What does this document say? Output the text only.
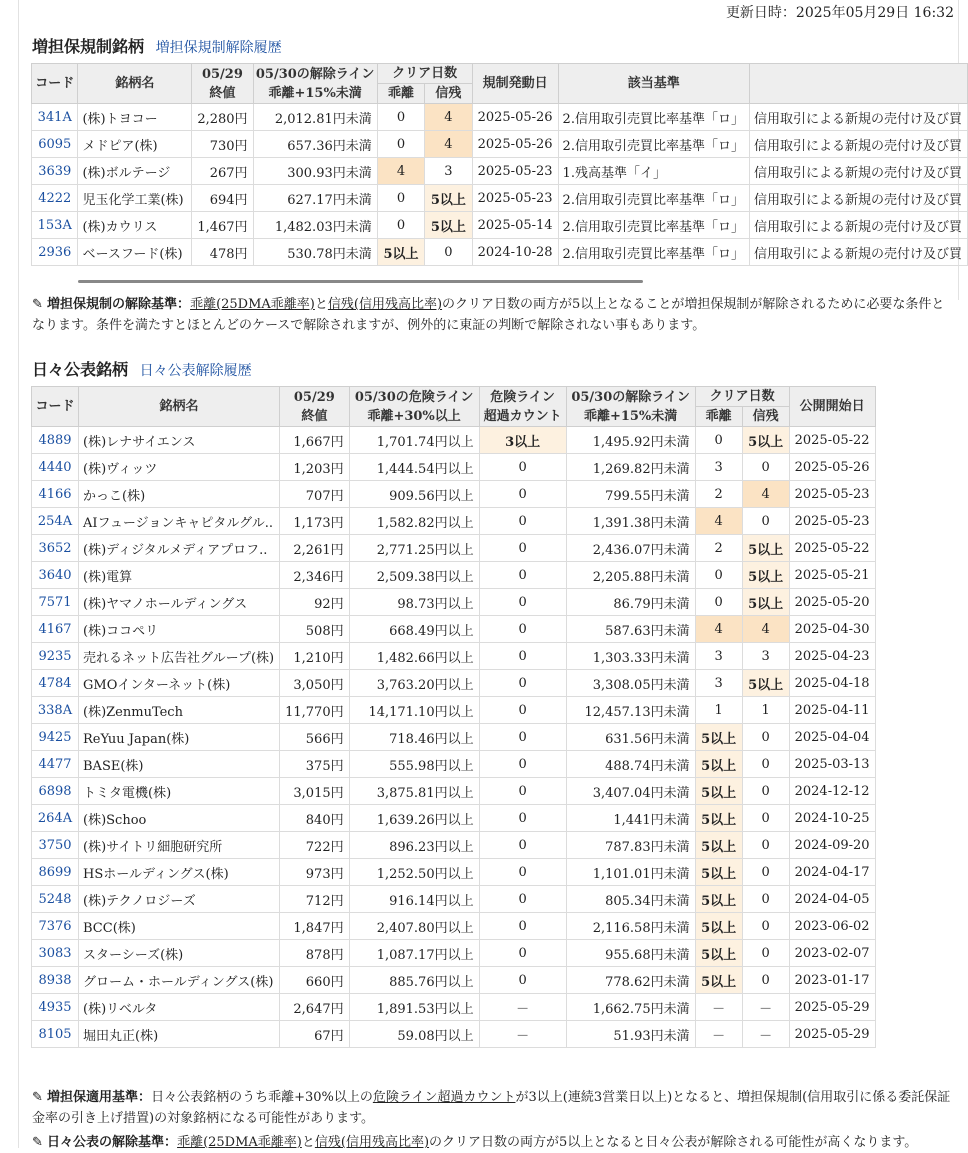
更新日時：2025年05月29日 16:32
増担保規制銘柄 増担保規制解除履歴
コード	銘柄名	05/29
終値	05/30の解除ライン
乖離+15%未満	クリア日数		規制発動日	該当基準	
				乖離	信残			
341A	(株)トヨコー	2,280円	2,012.81円未満	0	4	2025-05-26	2.信用取引売買比率基準「ロ」	信用取引による新規の売付け及び買
6095	メドピア(株)	730円	657.36円未満	0	4	2025-05-26	2.信用取引売買比率基準「ロ」	信用取引による新規の売付け及び買
3639	(株)ボルテージ	267円	300.93円未満	4	3	2025-05-23	1.残高基準「イ」	信用取引による新規の売付け及び買
4222	児玉化学工業(株)	694円	627.17円未満	0	5以上	2025-05-23	2.信用取引売買比率基準「ロ」	信用取引による新規の売付け及び買
153A	(株)カウリス	1,467円	1,482.03円未満	0	5以上	2025-05-14	2.信用取引売買比率基準「ロ」	信用取引による新規の売付け及び買
2936	ベースフード(株)	478円	530.78円未満	5以上	0	2024-10-28	2.信用取引売買比率基準「ロ」	信用取引による新規の売付け及び買
✎ 増担保規制の解除基準：乖離(25DMA乖離率)と信残(信用残高比率)のクリア日数の両方が5以上となることが増担保規制が解除されるために必要な条件となります。条件を満たすとほとんどのケースで解除されますが、例外的に東証の判断で解除されない事もあります。
日々公表銘柄 日々公表解除履歴
コード	銘柄名	05/29
終値	05/30の危険ライン
乖離+30%以上	危険ライン
超過カウント	05/30の解除ライン
乖離+15%未満	クリア日数		公開開始日
						乖離	信残	
4889	(株)レナサイエンス	1,667円	1,701.74円以上	3以上	1,495.92円未満	0	5以上	2025-05-22
4440	(株)ヴィッツ	1,203円	1,444.54円以上	0	1,269.82円未満	3	0	2025-05-26
4166	かっこ(株)	707円	909.56円以上	0	799.55円未満	2	4	2025-05-23
254A	AIフュージョンキャピタルグル..	1,173円	1,582.82円以上	0	1,391.38円未満	4	0	2025-05-23
3652	(株)ディジタルメディアプロフ..	2,261円	2,771.25円以上	0	2,436.07円未満	2	5以上	2025-05-22
3640	(株)電算	2,346円	2,509.38円以上	0	2,205.88円未満	0	5以上	2025-05-21
7571	(株)ヤマノホールディングス	92円	98.73円以上	0	86.79円未満	0	5以上	2025-05-20
4167	(株)ココペリ	508円	668.49円以上	0	587.63円未満	4	4	2025-04-30
9235	売れるネット広告社グループ(株)	1,210円	1,482.66円以上	0	1,303.33円未満	3	3	2025-04-23
4784	GMOインターネット(株)	3,050円	3,763.20円以上	0	3,308.05円未満	3	5以上	2025-04-18
338A	(株)ZenmuTech	11,770円	14,171.10円以上	0	12,457.13円未満	1	1	2025-04-11
9425	ReYuu Japan(株)	566円	718.46円以上	0	631.56円未満	5以上	0	2025-04-04
4477	BASE(株)	375円	555.98円以上	0	488.74円未満	5以上	0	2025-03-13
6898	トミタ電機(株)	3,015円	3,875.81円以上	0	3,407.04円未満	5以上	0	2024-12-12
264A	(株)Schoo	840円	1,639.26円以上	0	1,441円未満	5以上	0	2024-10-25
3750	(株)サイトリ細胞研究所	722円	896.23円以上	0	787.83円未満	5以上	0	2024-09-20
8699	HSホールディングス(株)	973円	1,252.50円以上	0	1,101.01円未満	5以上	0	2024-04-17
5248	(株)テクノロジーズ	712円	916.14円以上	0	805.34円未満	5以上	0	2024-04-05
7376	BCC(株)	1,847円	2,407.80円以上	0	2,116.58円未満	5以上	0	2023-06-02
3083	スターシーズ(株)	878円	1,087.17円以上	0	955.68円未満	5以上	0	2023-02-07
8938	グローム・ホールディングス(株)	660円	885.76円以上	0	778.62円未満	5以上	0	2023-01-17
4935	(株)リベルタ	2,647円	1,891.53円以上	－	1,662.75円未満	－	－	2025-05-29
8105	堀田丸正(株)	67円	59.08円以上	－	51.93円未満	－	－	2025-05-29
✎ 増担保適用基準：日々公表銘柄のうち乖離+30%以上の危険ライン超過カウントが3以上(連続3営業日以上)となると、増担保規制(信用取引に係る委託保証金率の引き上げ措置)の対象銘柄になる可能性があります。
✎ 日々公表の解除基準：乖離(25DMA乖離率)と信残(信用残高比率)のクリア日数の両方が5以上となると日々公表が解除される可能性が高くなります。
